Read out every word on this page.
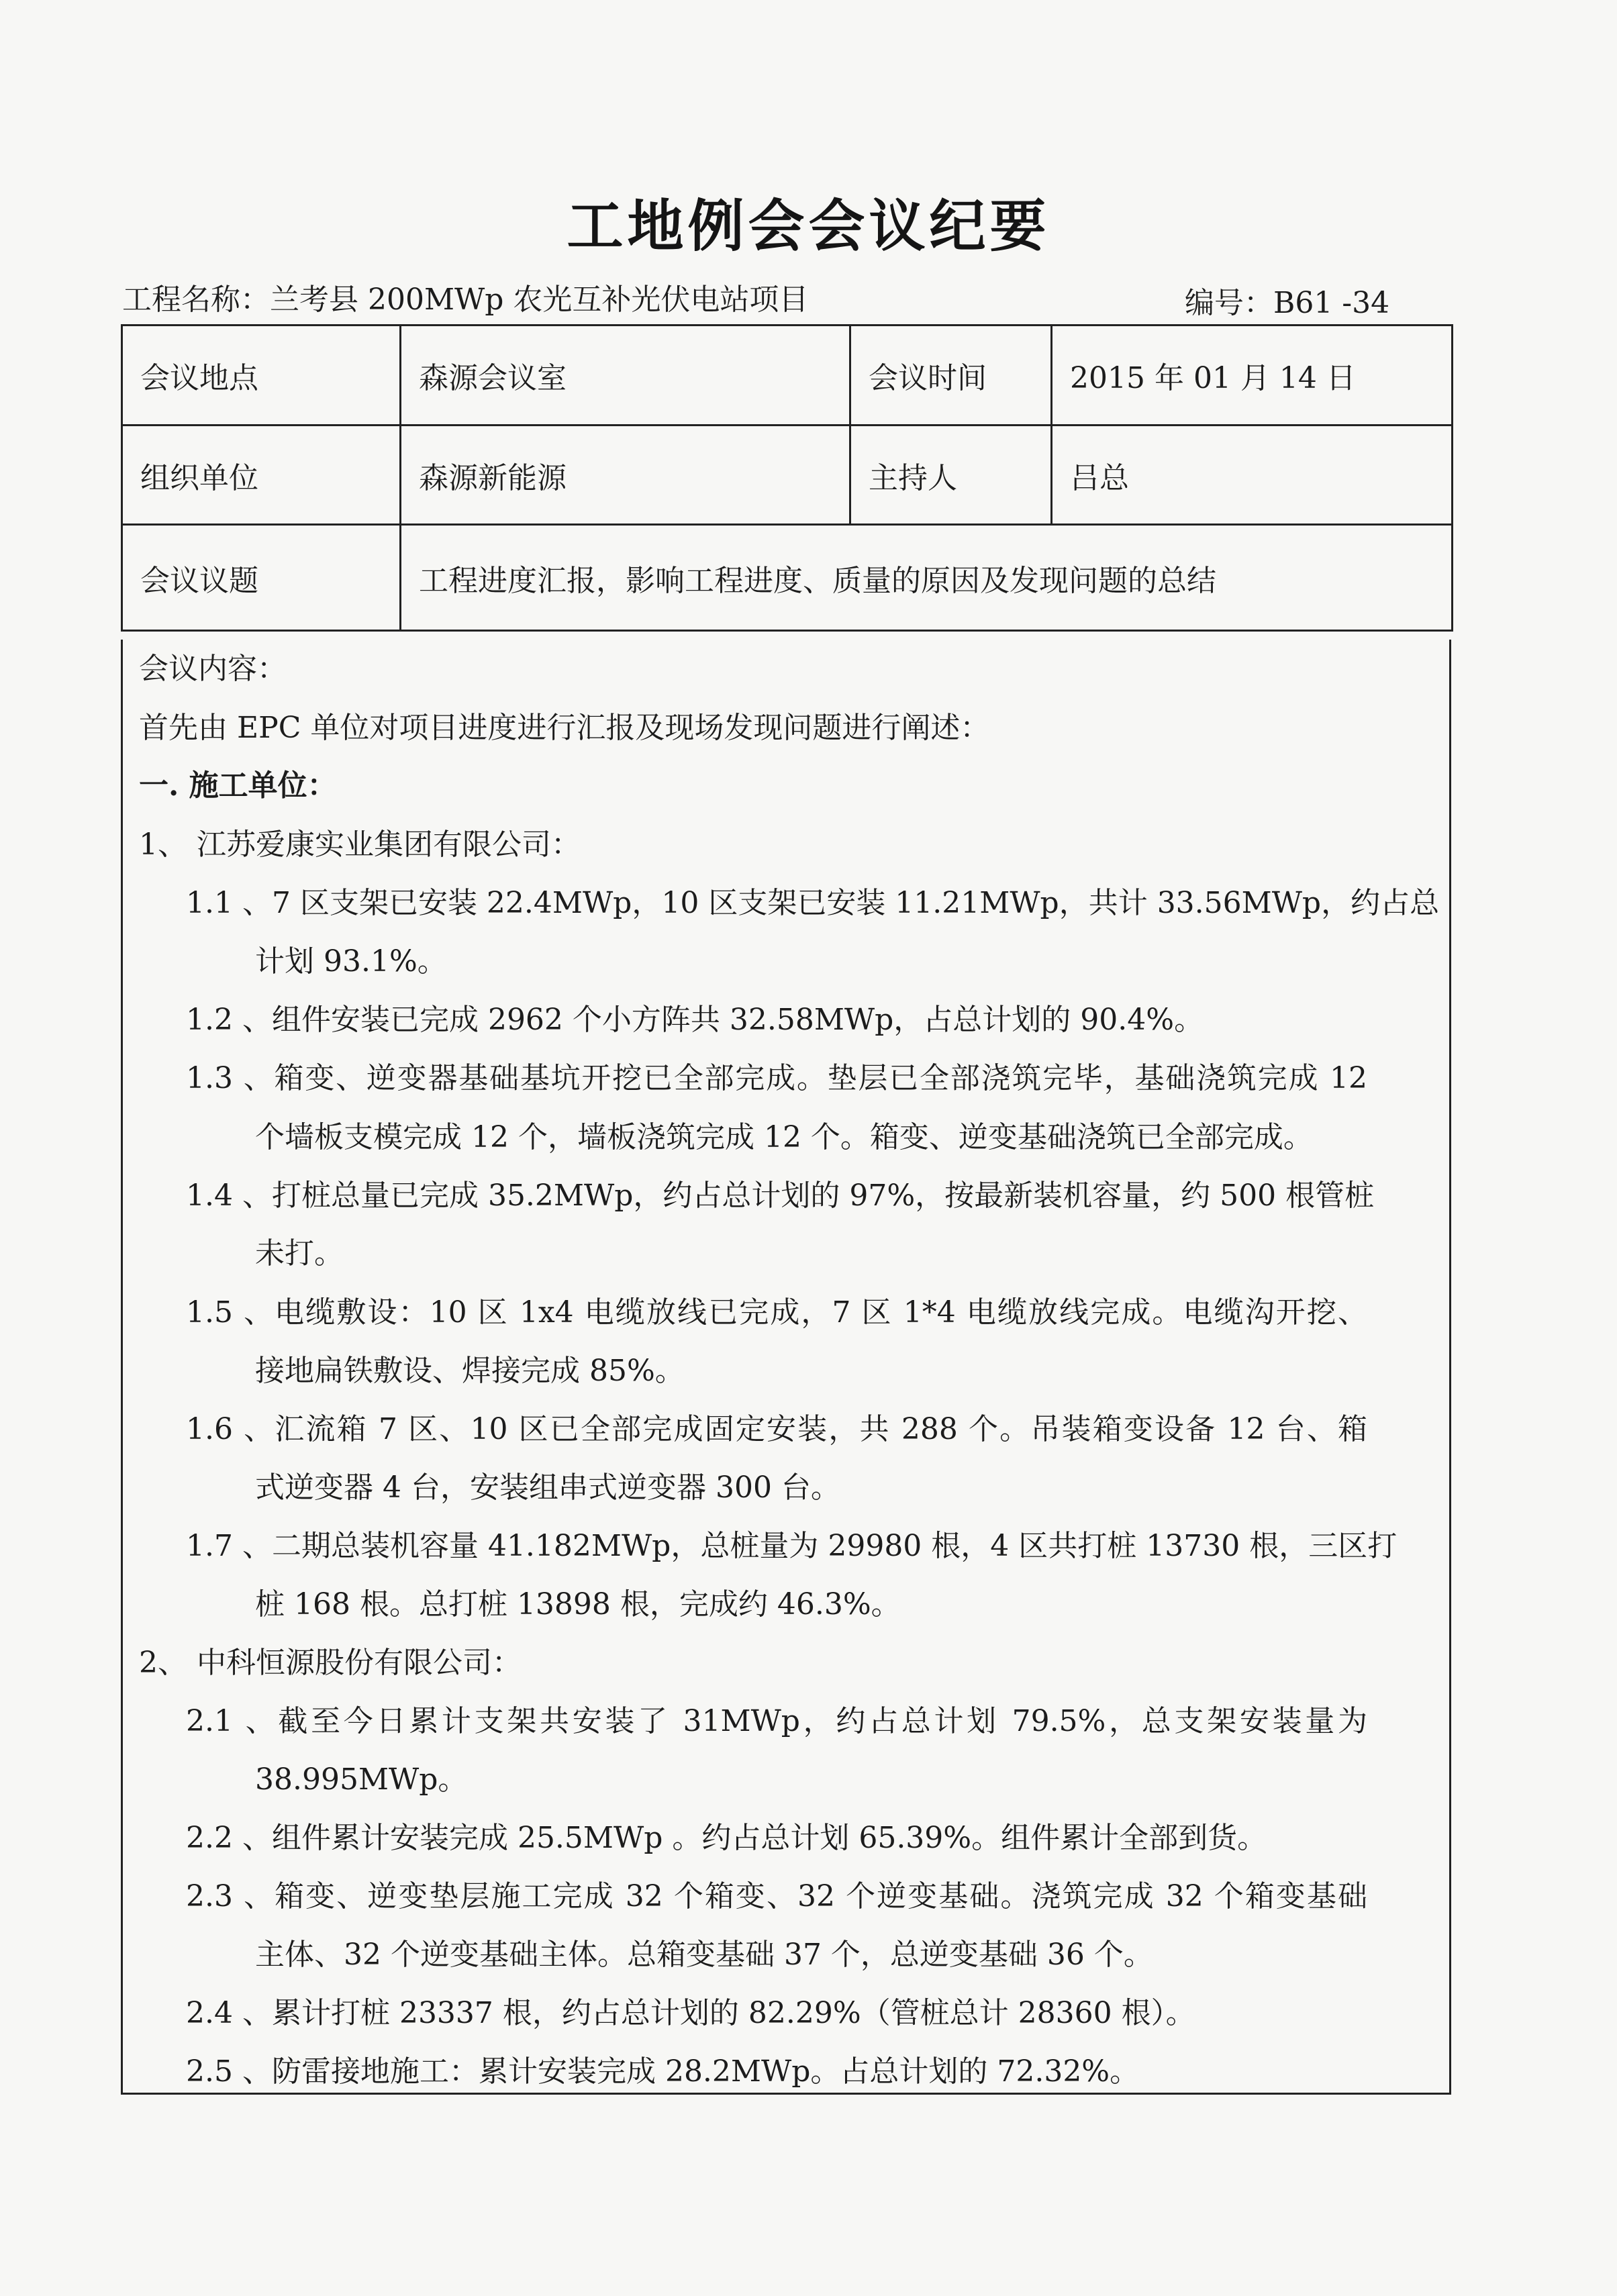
工地例会会议纪要
工程名称：兰考县 200MWp 农光互补光伏电站项目	编号：B61 -34
会议地点	森源会议室	会议时间	2015 年 01 月 14 日
组织单位	森源新能源	主持人	吕总
会议议题	工程进度汇报，影响工程进度、质量的原因及发现问题的总结		
会议内容：
首先由 EPC 单位对项目进度进行汇报及现场发现问题进行阐述：
一. 施工单位：
1、 江苏爱康实业集团有限公司：
1.1 、7 区支架已安装 22.4MWp，10 区支架已安装 11.21MWp，共计 33.56MWp，约占总
计划 93.1%。
1.2 、组件安装已完成 2962 个小方阵共 32.58MWp，占总计划的 90.4%。
1.3 、箱变、逆变器基础基坑开挖已全部完成。垫层已全部浇筑完毕，基础浇筑完成 12
个墙板支模完成 12 个，墙板浇筑完成 12 个。箱变、逆变基础浇筑已全部完成。
1.4 、打桩总量已完成 35.2MWp，约占总计划的 97%，按最新装机容量，约 500 根管桩
未打。
1.5 、电缆敷设：10 区 1x4 电缆放线已完成，7 区 1*4 电缆放线完成。电缆沟开挖、
接地扁铁敷设、焊接完成 85%。
1.6 、汇流箱 7 区、10 区已全部完成固定安装，共 288 个。吊装箱变设备 12 台、箱
式逆变器 4 台，安装组串式逆变器 300 台。
1.7 、二期总装机容量 41.182MWp，总桩量为 29980 根，4 区共打桩 13730 根，三区打
桩 168 根。总打桩 13898 根，完成约 46.3%。
2、 中科恒源股份有限公司：
2.1 、截至今日累计支架共安装了 31MWp，约占总计划 79.5%，总支架安装量为
38.995MWp。
2.2 、组件累计安装完成 25.5MWp 。约占总计划 65.39%。组件累计全部到货。
2.3 、箱变、逆变垫层施工完成 32 个箱变、32 个逆变基础。浇筑完成 32 个箱变基础
主体、32 个逆变基础主体。总箱变基础 37 个，总逆变基础 36 个。
2.4 、累计打桩 23337 根，约占总计划的 82.29%（管桩总计 28360 根）。
2.5 、防雷接地施工：累计安装完成 28.2MWp。占总计划的 72.32%。
